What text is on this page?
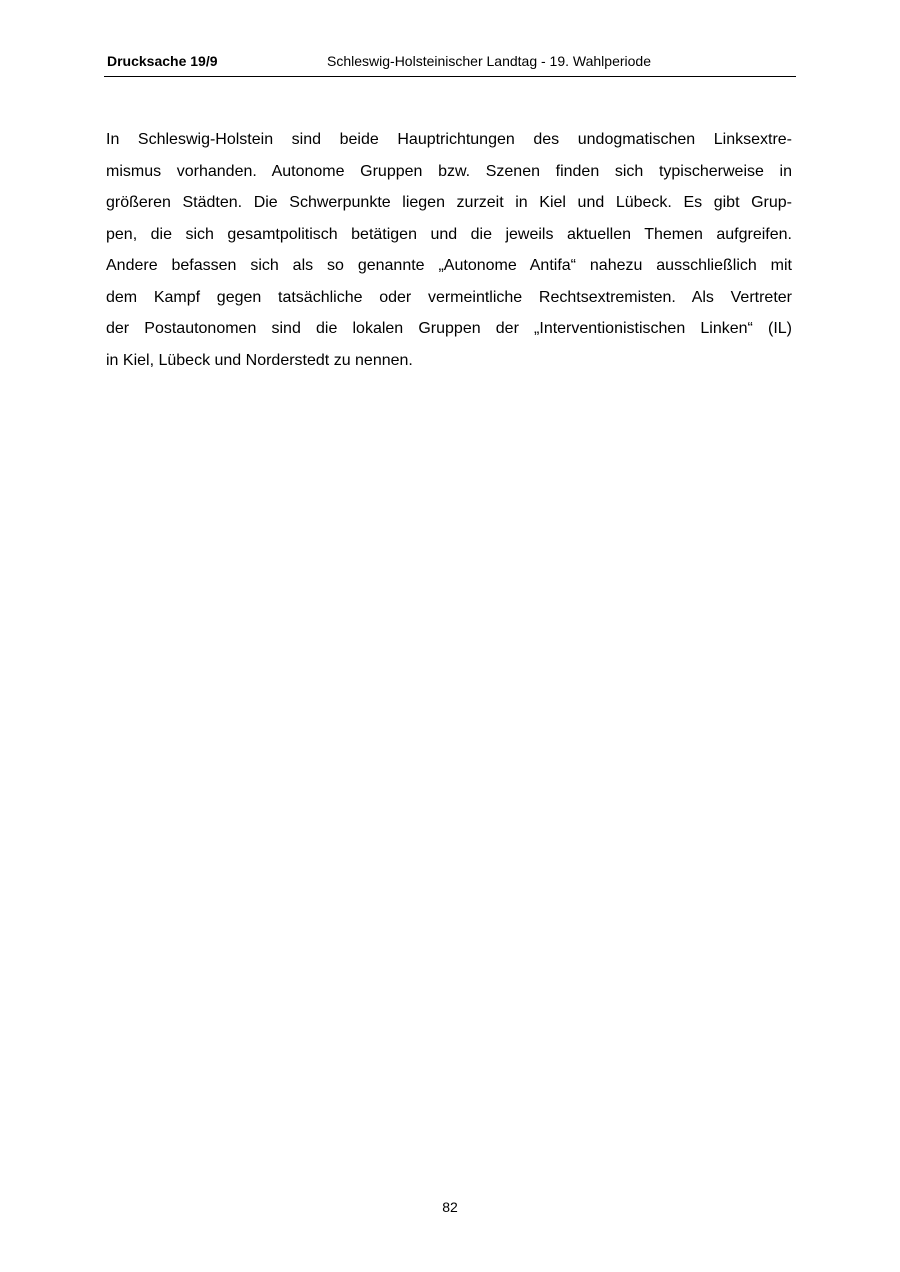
Drucksache 19/9	Schleswig-Holsteinischer Landtag - 19. Wahlperiode
In Schleswig-Holstein sind beide Hauptrichtungen des undogmatischen Linksextre-
mismus vorhanden. Autonome Gruppen bzw. Szenen finden sich typischerweise in
größeren Städten. Die Schwerpunkte liegen zurzeit in Kiel und Lübeck. Es gibt Grup-
pen, die sich gesamtpolitisch betätigen und die jeweils aktuellen Themen aufgreifen.
Andere befassen sich als so genannte „Autonome Antifa“ nahezu ausschließlich mit
dem Kampf gegen tatsächliche oder vermeintliche Rechtsextremisten. Als Vertreter
der Postautonomen sind die lokalen Gruppen der „Interventionistischen Linken“ (IL)
in Kiel, Lübeck und Norderstedt zu nennen.
82
